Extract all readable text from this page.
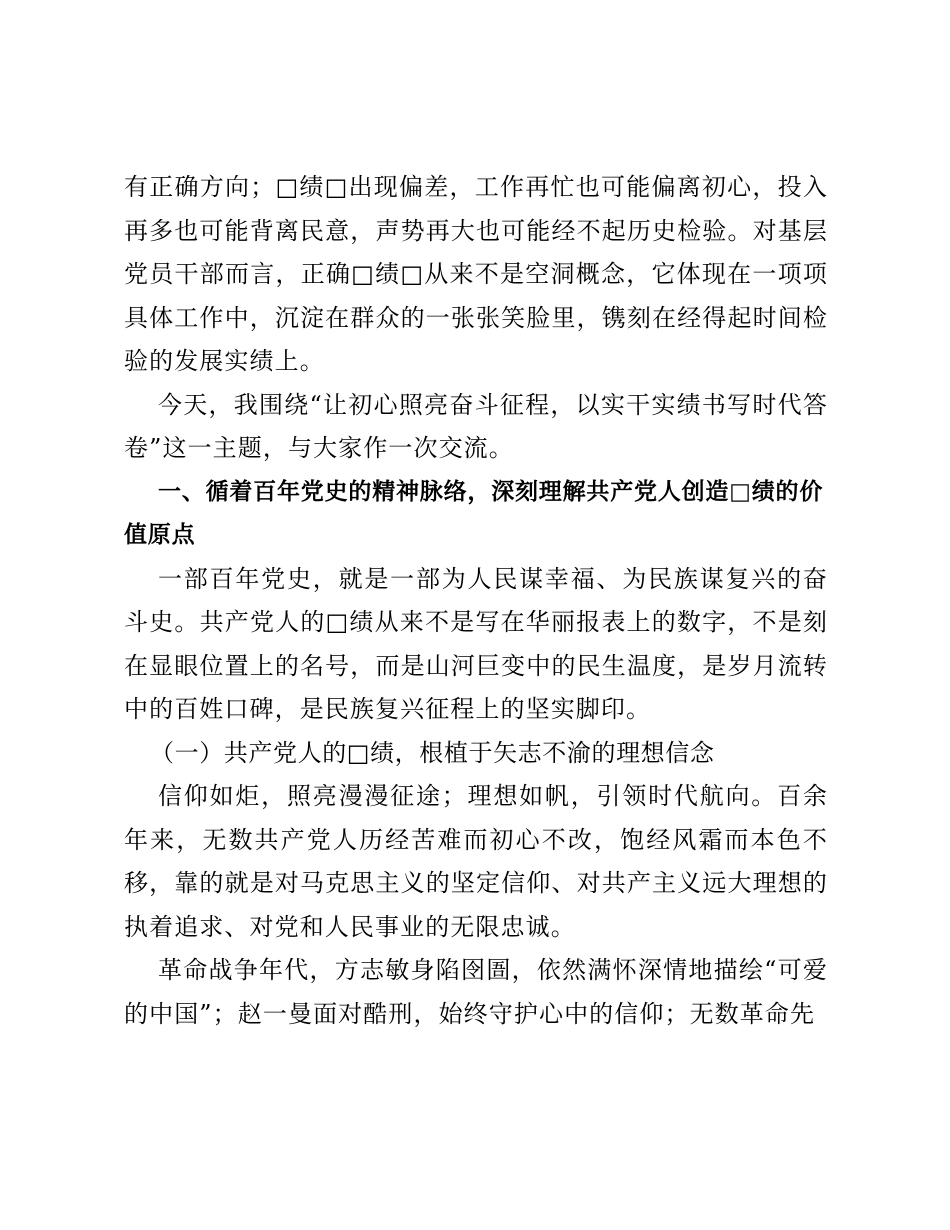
有正确方向；□绩□出现偏差，工作再忙也可能偏离初心，投入再多也可能背离民意，声势再大也可能经不起历史检验。对基层党员干部而言，正确□绩□从来不是空洞概念，它体现在一项项具体工作中，沉淀在群众的一张张笑脸里，镌刻在经得起时间检验的发展实绩上。

今天，我围绕“让初心照亮奋斗征程，以实干实绩书写时代答卷”这一主题，与大家作一次交流。

一、循着百年党史的精神脉络，深刻理解共产党人创造□绩的价值原点

一部百年党史，就是一部为人民谋幸福、为民族谋复兴的奋斗史。共产党人的□绩从来不是写在华丽报表上的数字，不是刻在显眼位置上的名号，而是山河巨变中的民生温度，是岁月流转中的百姓口碑，是民族复兴征程上的坚实脚印。

（一）共产党人的□绩，根植于矢志不渝的理想信念

信仰如炬，照亮漫漫征途；理想如帆，引领时代航向。百余年来，无数共产党人历经苦难而初心不改，饱经风霜而本色不移，靠的就是对马克思主义的坚定信仰、对共产主义远大理想的执着追求、对党和人民事业的无限忠诚。

革命战争年代，方志敏身陷囹圄，依然满怀深情地描绘“可爱的中国”；赵一曼面对酷刑，始终守护心中的信仰；无数革命先
